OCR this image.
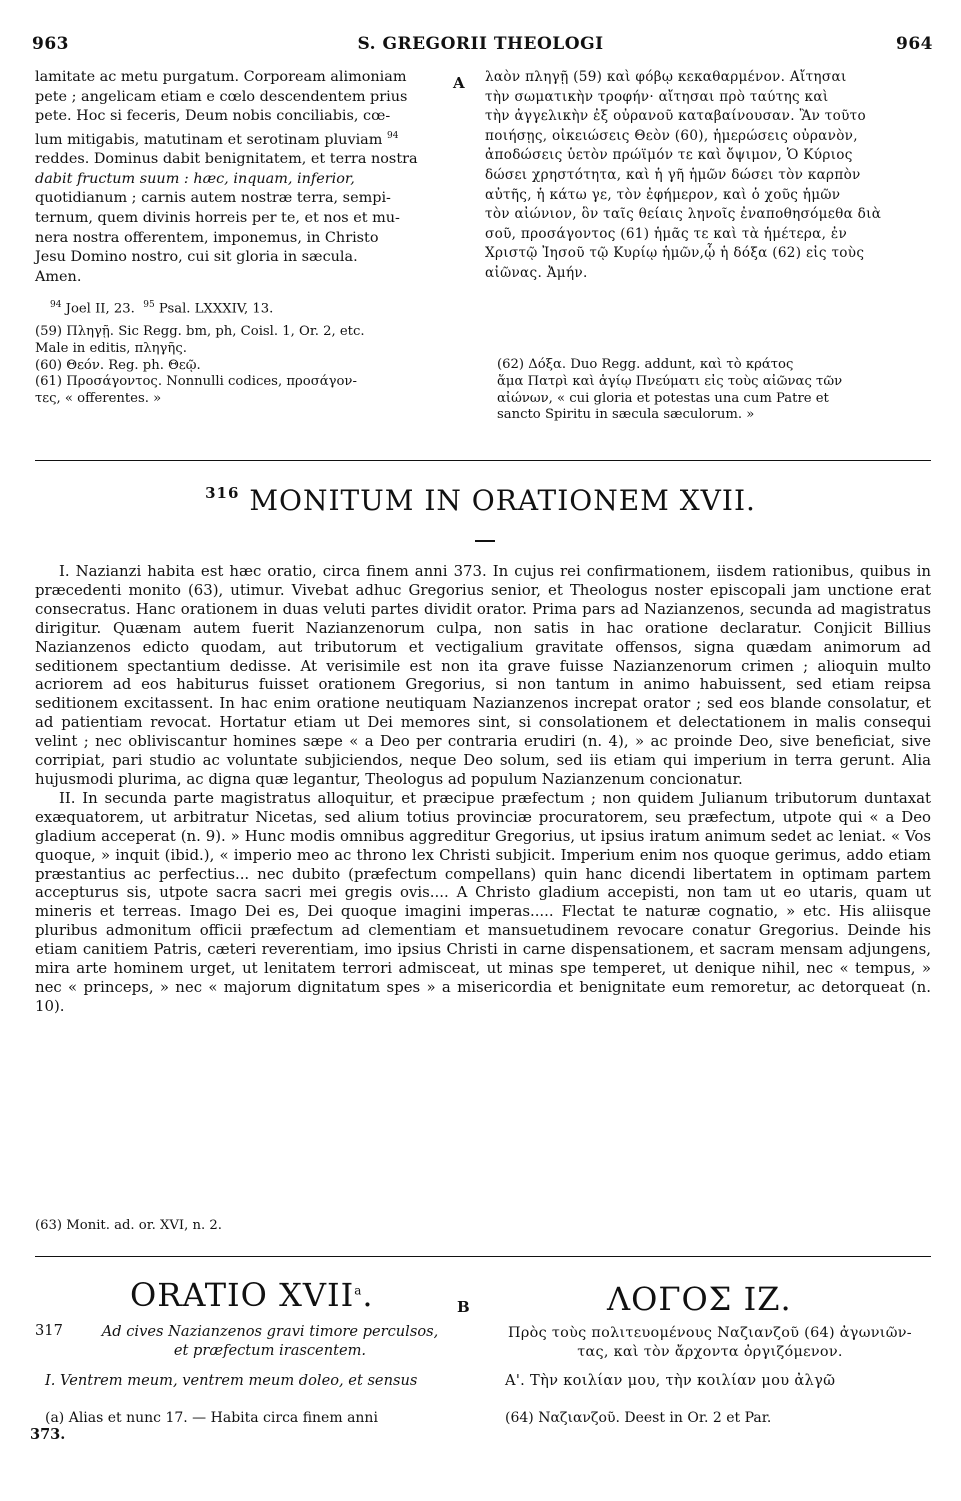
963	S. GREGORII THEOLOGI	964
A

lamitate ac metu purgatum. Corpoream alimoniam

pete ; angelicam etiam e cœlo descendentem prius

pete. Hoc si feceris, Deum nobis conciliabis, cœ-

lum mitigabis, matutinam et serotinam pluviam $^{94}$

reddes. Dominus dabit benignitatem, et terra nostra

dabit fructum suum : hæc, inquam, inferior,

quotidianum ; carnis autem nostræ terra, sempi-

ternum, quem divinis horreis per te, et nos et mu-

nera nostra offerentem, imponemus, in Christo

Jesu Domino nostro, cui sit gloria in sæcula.

Amen.

$^{94}$ Joel II, 23. $^{95}$ Psal. LXXXIV, 13.

(59) Πληγῇ. Sic Regg. bm, ph, Coisl. 1, Or. 2, etc.

Male in editis, πληγῆς.

(60) Θεόν. Reg. ph. Θεῷ.

(61) Προσάγοντος. Nonnulli codices, προσάγον-

τες, « offerentes. »

λαὸν πληγῇ (59) καὶ φόβῳ κεκαθαρμένον. Αἴτησαι

τὴν σωματικὴν τροφήν· αἴτησαι πρὸ ταύτης καὶ

τὴν ἀγγελικὴν ἐξ οὐρανοῦ καταβαίνουσαν. Ἂν τοῦτο

ποιήσῃς, οἰκειώσεις Θεὸν (60), ἡμερώσεις οὐρανὸν,

ἀποδώσεις ὑετὸν πρώϊμόν τε καὶ ὄψιμον, Ὁ Κύριος

δώσει χρηστότητα, καὶ ἡ γῆ ἡμῶν δώσει τὸν καρπὸν

αὐτῆς, ἡ κάτω γε, τὸν ἐφήμερον, καὶ ὁ χοῦς ἡμῶν

τὸν αἰώνιον, ὃν ταῖς θείαις ληνοῖς ἐναποθησόμεθα διὰ

σοῦ, προσάγοντος (61) ἡμᾶς τε καὶ τὰ ἡμέτερα, ἐν

Χριστῷ Ἰησοῦ τῷ Κυρίῳ ἡμῶν,ᾧ ἡ δόξα (62) εἰς τοὺς

αἰῶνας. Ἀμήν.

(62) Δόξα. Duo Regg. addunt, καὶ τὸ κράτος

ἅμα Πατρὶ καὶ ἁγίῳ Πνεύματι εἰς τοὺς αἰῶνας τῶν

αἰώνων, « cui gloria et potestas una cum Patre et

sancto Spiritu in sæcula sæculorum. »

$^{316}$ MONITUM IN ORATIONEM XVII.

I. Nazianzi habita est hæc oratio, circa finem anni 373. In cujus rei confirmationem, iisdem rationibus, quibus in præcedenti monito (63), utimur. Vivebat adhuc Gregorius senior, et Theologus noster episcopali jam unctione erat consecratus. Hanc orationem in duas veluti partes dividit orator. Prima pars ad Nazianzenos, secunda ad magistratus dirigitur. Quænam autem fuerit Nazianzenorum culpa, non satis in hac oratione declaratur. Conjicit Billius Nazianzenos edicto quodam, aut tributorum et vectigalium gravitate offensos, signa quædam animorum ad seditionem spectantium dedisse. At verisimile est non ita grave fuisse Nazianzenorum crimen ; alioquin multo acriorem ad eos habiturus fuisset orationem Gregorius, si non tantum in animo habuissent, sed etiam reipsa seditionem excitassent. In hac enim oratione neutiquam Nazianzenos increpat orator ; sed eos blande consolatur, et ad patientiam revocat. Hortatur etiam ut Dei memores sint, si consolationem et delectationem in malis consequi velint ; nec obliviscantur homines sæpe « a Deo per contraria erudiri (n. 4), » ac proinde Deo, sive beneficiat, sive corripiat, pari studio ac voluntate subjiciendos, neque Deo solum, sed iis etiam qui imperium in terra gerunt. Alia hujusmodi plurima, ac digna quæ legantur, Theologus ad populum Nazianzenum concionatur.

II. In secunda parte magistratus alloquitur, et præcipue præfectum ; non quidem Julianum tributorum duntaxat exæquatorem, ut arbitratur Nicetas, sed alium totius provinciæ procuratorem, seu præfectum, utpote qui « a Deo gladium acceperat (n. 9). » Hunc modis omnibus aggreditur Gregorius, ut ipsius iratum animum sedet ac leniat. « Vos quoque, » inquit (ibid.), « imperio meo ac throno lex Christi subjicit. Imperium enim nos quoque gerimus, addo etiam præstantius ac perfectius... nec dubito (præfectum compellans) quin hanc dicendi libertatem in optimam partem accepturus sis, utpote sacra sacri mei gregis ovis.... A Christo gladium accepisti, non tam ut eo utaris, quam ut mineris et terreas. Imago Dei es, Dei quoque imagini imperas..... Flectat te naturæ cognatio, » etc. His aliisque pluribus admonitum officii præfectum ad clementiam et mansuetudinem revocare conatur Gregorius. Deinde his etiam canitiem Patris, cæteri reverentiam, imo ipsius Christi in carne dispensationem, et sacram mensam adjungens, mira arte hominem urget, ut lenitatem terrori admisceat, ut minas spe temperet, ut denique nihil, nec « tempus, » nec « princeps, » nec « majorum dignitatum spes » a misericordia et benignitate eum remoretur, ac detorqueat (n. 10).

(63) Monit. ad. or. XVI, n. 2.
ORATIO XVII$^a$.	B	ΛΟΓΟΣ ΙΖ.
317	Ad cives Nazianzenos gravi timore perculsos,
et præfectum irascentem.
Πρὸς τοὺς πολιτευομένους Ναζιανζοῦ (64) ἀγωνιῶν-
τας, καὶ τὸν ἄρχοντα ὀργιζόμενον.
I. Ventrem meum, ventrem meum doleo, et sensus	Α'. Τὴν κοιλίαν μου, τὴν κοιλίαν μου ἀλγῶ
(a) Alias et nunc 17. — Habita circa finem anni
373.
(64) Ναζιανζοῦ. Deest in Or. 2 et Par.
